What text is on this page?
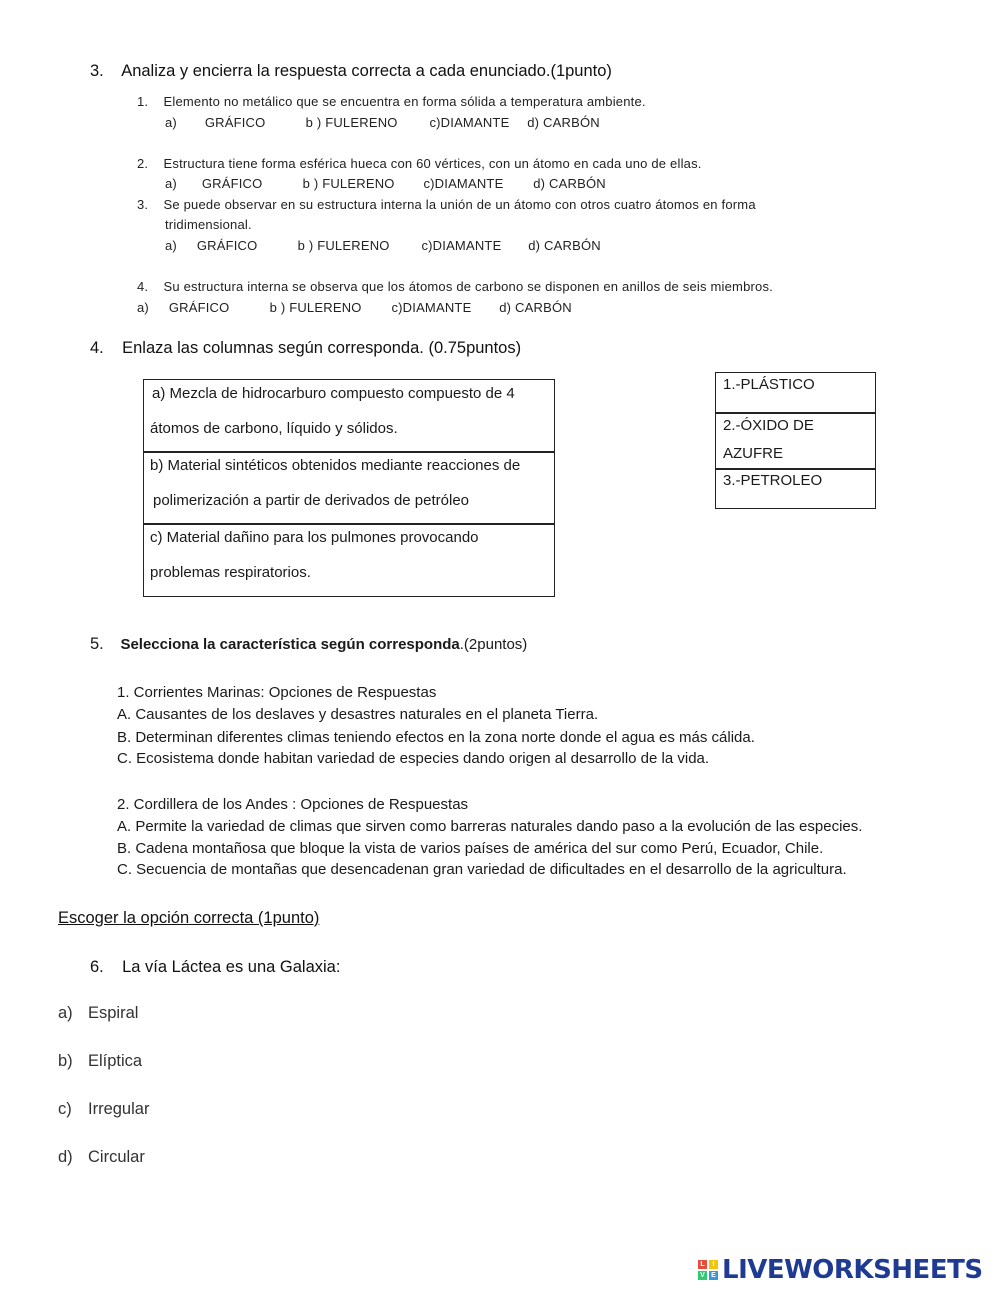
3. Analiza y encierra la respuesta correcta a cada enunciado.(1punto)
1. Elemento no metálico que se encuentra en forma sólida a temperatura ambiente.
a) GRÁFICO	b ) FULERENO c)DIAMANTE d) CARBÓN
2. Estructura tiene forma esférica hueca con 60 vértices, con un átomo en cada uno de ellas.
a) GRÁFICO	b ) FULERENO c)DIAMANTE d) CARBÓN
3. Se puede observar en su estructura interna la unión de un átomo con otros cuatro átomos en forma
tridimensional.
a) GRÁFICO	b ) FULERENO c)DIAMANTE d) CARBÓN
4. Su estructura interna se observa que los átomos de carbono se disponen en anillos de seis miembros.
a) GRÁFICO	b ) FULERENO c)DIAMANTE d) CARBÓN
4. Enlaza las columnas según corresponda. (0.75puntos)
a) Mezcla de hidrocarburo compuesto compuesto de 4
átomos de carbono, líquido y sólidos.
b) Material sintéticos obtenidos mediante reacciones de
polimerización a partir de derivados de petróleo
c) Material dañino para los pulmones provocando
problemas respiratorios.
1.-PLÁSTICO
2.-ÓXIDO DE
AZUFRE
3.-PETROLEO
5. Selecciona la característica según corresponda.(2puntos)
1. Corrientes Marinas: Opciones de Respuestas
A. Causantes de los deslaves y desastres naturales en el planeta Tierra.
B. Determinan diferentes climas teniendo efectos en la zona norte donde el agua es más cálida.
C. Ecosistema donde habitan variedad de especies dando origen al desarrollo de la vida.
2. Cordillera de los Andes : Opciones de Respuestas
A. Permite la variedad de climas que sirven como barreras naturales dando paso a la evolución de las especies.
B. Cadena montañosa que bloque la vista de varios países de américa del sur como Perú, Ecuador, Chile.
C. Secuencia de montañas que desencadenan gran variedad de dificultades en el desarrollo de la agricultura.
Escoger la opción correcta (1punto)
6. La vía Láctea es una Galaxia:
a) Espiral
b) Elíptica
c) Irregular
d) Circular
L	I
V E LIVEWORKSHEETS
